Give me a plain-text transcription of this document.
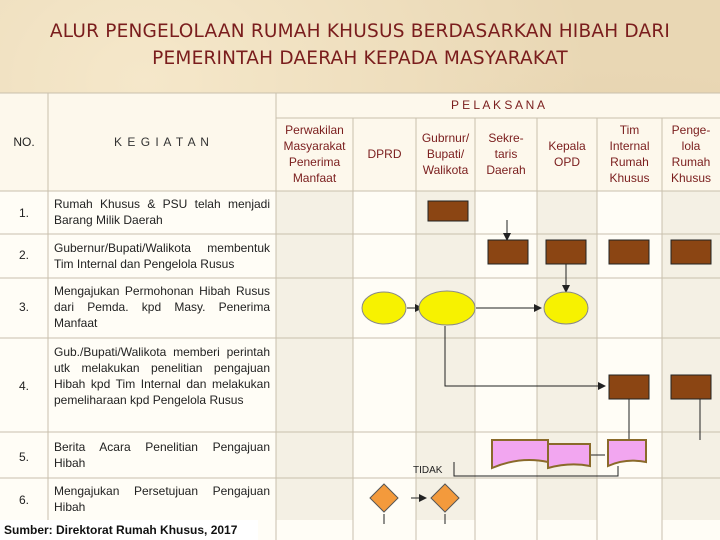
ALUR PENGELOLAAN RUMAH KHUSUS BERDASARKAN HIBAH DARI
PEMERINTAH DAERAH KEPADA MASYARAKAT
NO.	K E G I A T A N
P E L A K S A N A
Perwakilan
Masyarakat
Penerima
Manfaat
DPRD
Gubrnur/
Bupati/
Walikota
Sekre-
taris
Daerah
Kepala
OPD
Tim
Internal
Rumah
Khusus
Penge-
lola
Rumah
Khusus
1.
Rumah Khusus & PSU telah menjadi Barang Milik Daerah
2.	Gubernur/Bupati/Walikota membentuk Tim Internal dan Pengelola Rusus
3.
Mengajukan Permohonan Hibah Rusus dari Pemda. kpd Masy. Penerima Manfaat
4.
Gub./Bupati/Walikota memberi perintah utk melakukan penelitian pengajuan Hibah kpd Tim Internal dan melakukan pemeliharaan kpd Pengelola Rusus
5.
Berita Acara Penelitian Pengajuan Hibah
6.
Mengajukan Persetujuan Pengajuan Hibah
TIDAK
Sumber: Direktorat Rumah Khusus, 2017
